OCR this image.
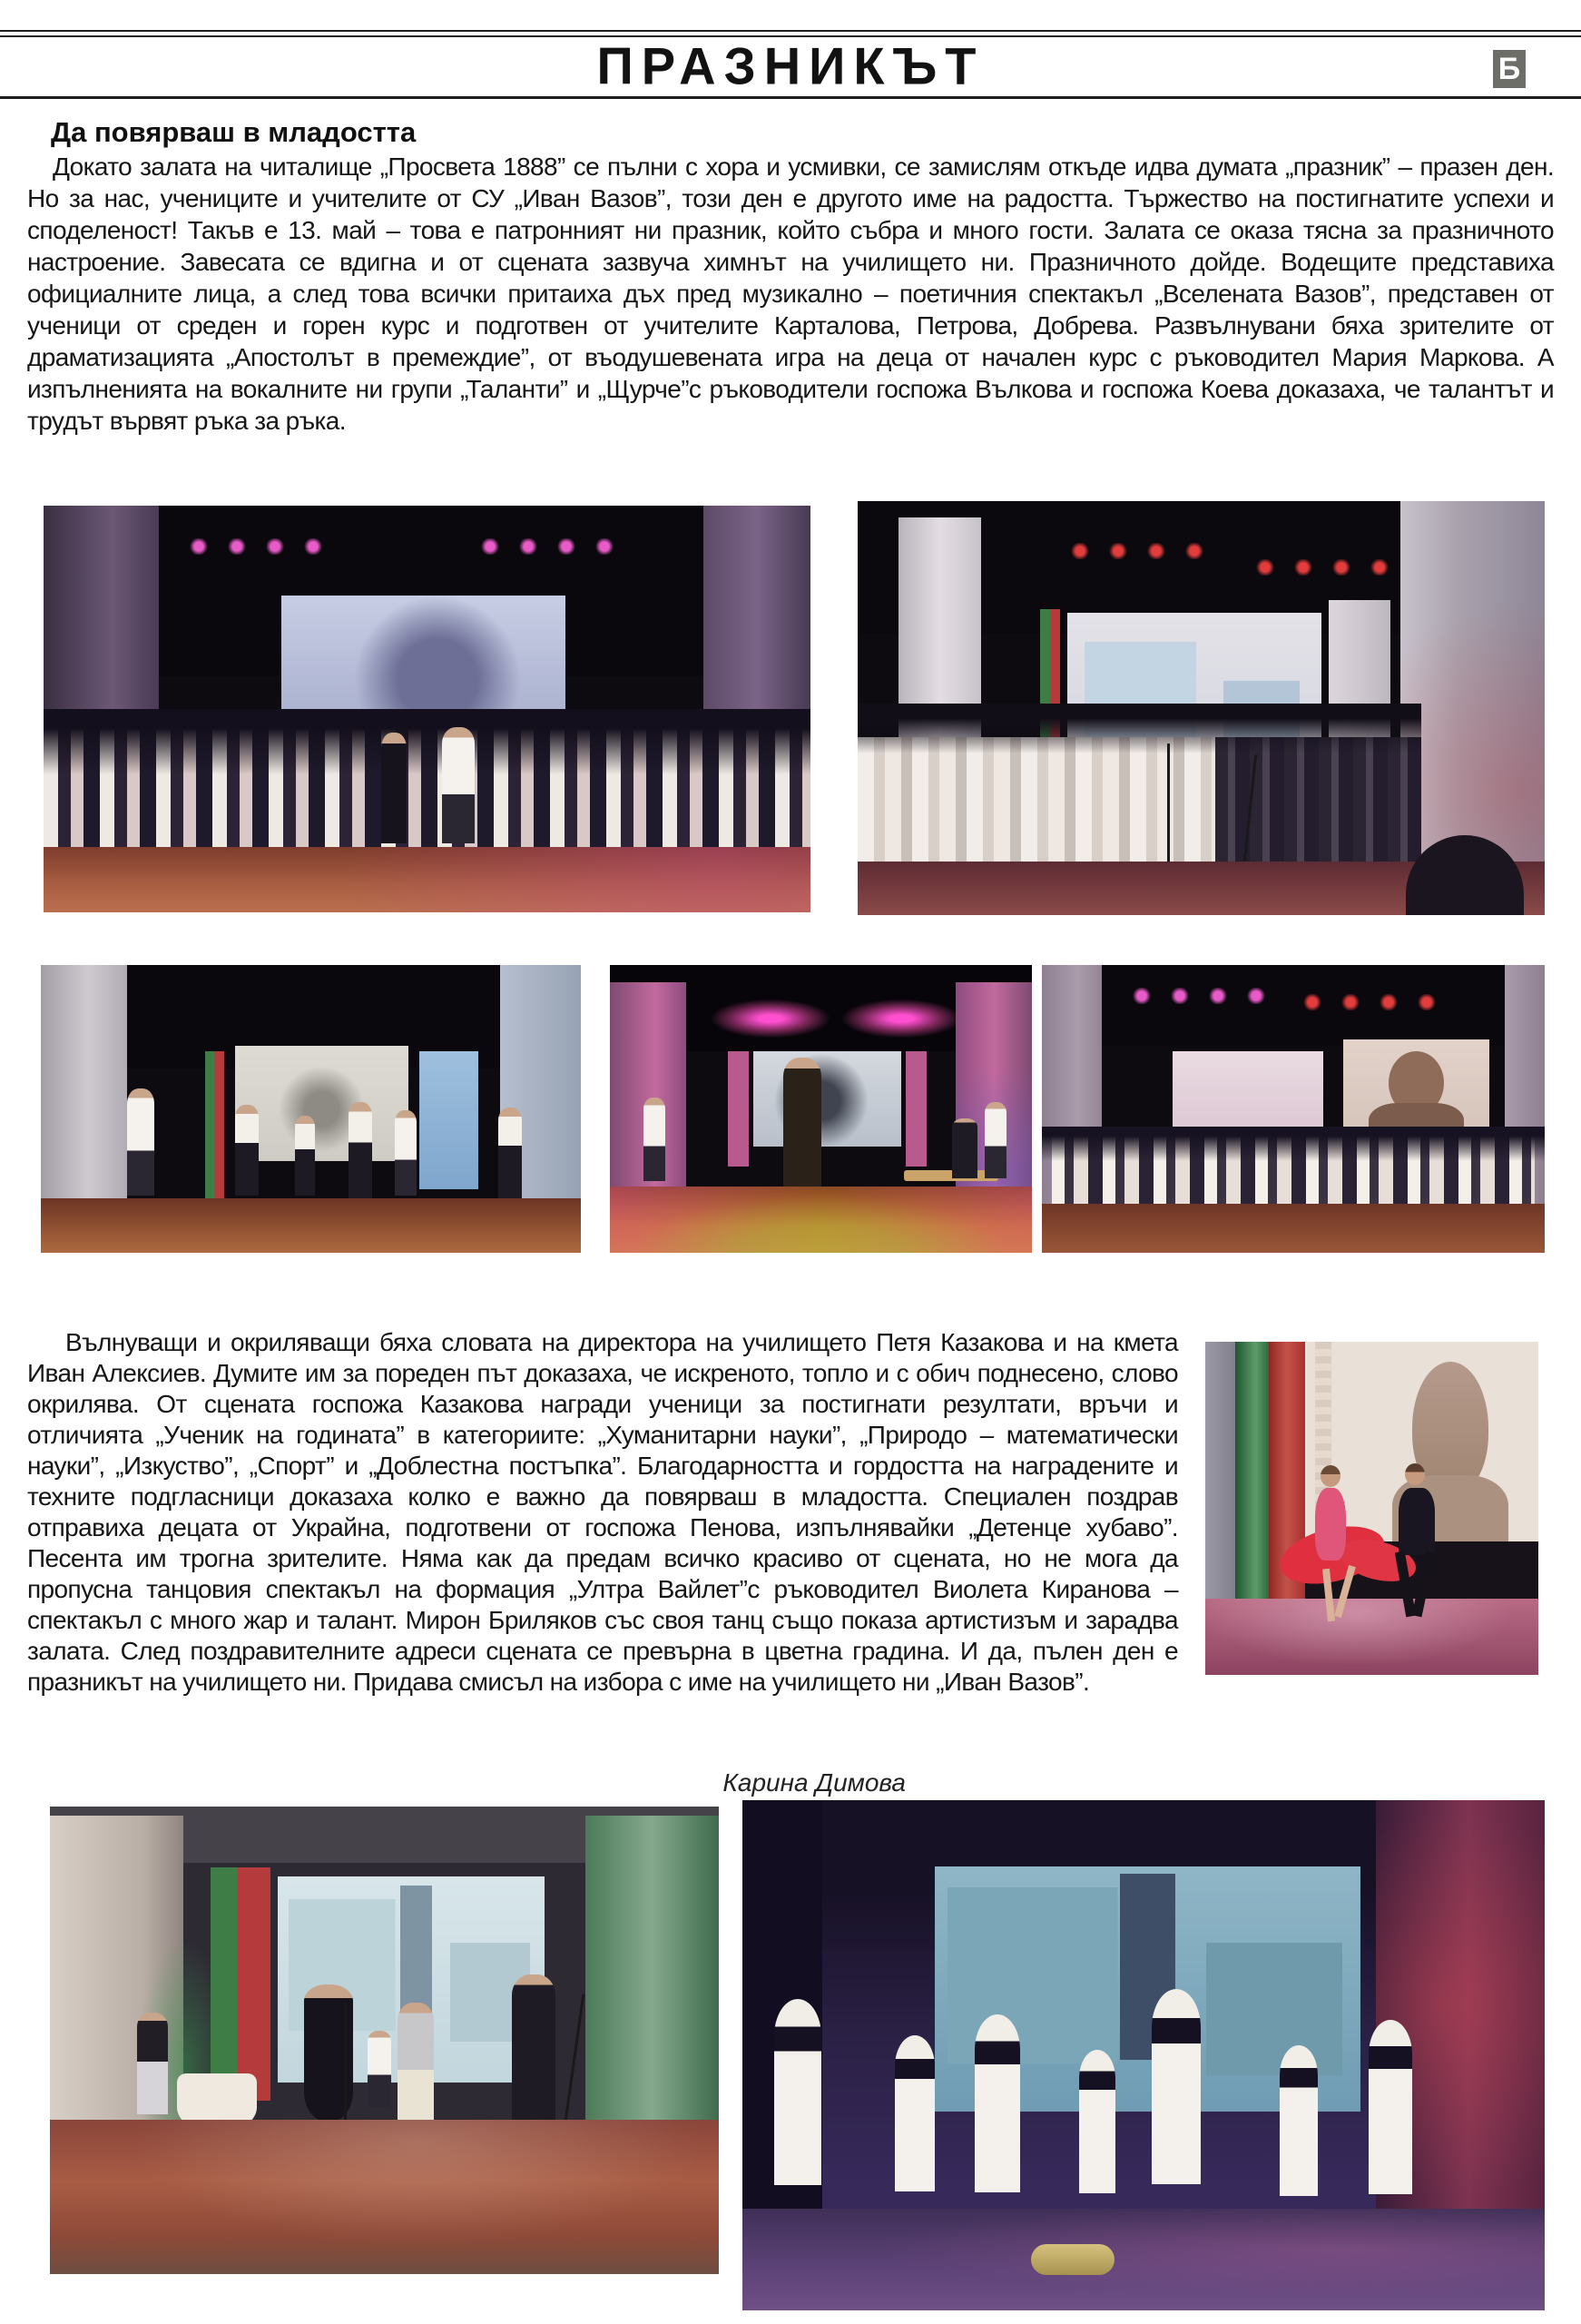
ПРАЗНИКЪТ	Б
Да повярваш в младостта
Докато залата на читалище „Просвета 1888” се пълни с хора и усмивки, се замислям откъде идва думата „празник” – празен ден. Но за нас, учениците и учителите от СУ „Иван Вазов”, този ден е другото име на радостта. Тържество на постигнатите успехи и споделеност! Такъв е 13. май – това е патронният ни празник, който събра и много гости. Залата се оказа тясна за празничното настроение. Завесата се вдигна и от сцената зазвуча химнът на училището ни. Празничното дойде. Водещите представиха официалните лица, а след това всички притаиха дъх пред музикално – поетичния спектакъл „Вселената Вазов”, представен от ученици от среден и горен курс и подготвен от учителите Карталова, Петрова, Добрева. Развълнувани бяха зрителите от драматизацията „Апостолът в премеждие”, от въодушевената игра на деца от начален курс с ръководител Мария Маркова. А изпълненията на вокалните ни групи „Таланти” и „Щурче”с ръководители госпожа Вълкова и госпожа Коева доказаха, че талантът и трудът вървят ръка за ръка.
Вълнуващи и окриляващи бяха словата на директора на училището Петя Казакова и на кмета Иван Алексиев. Думите им за пореден път доказаха, че искреното, топло и с обич поднесено, слово окрилява. От сцената госпожа Казакова награди ученици за постигнати резултати, връчи и отличията „Ученик на годината” в категориите: „Хуманитарни науки”, „Природо – математически науки”, „Изкуство”, „Спорт” и „Доблестна постъпка”. Благодарността и гордостта на наградените и техните подгласници доказаха колко е важно да повярваш в младостта. Специален поздрав отправиха децата от Украйна, подготвени от госпожа Пенова, изпълнявайки „Детенце хубаво”. Песента им трогна зрителите. Няма как да предам всичко красиво от сцената, но не мога да пропусна танцовия спектакъл на формация „Ултра Вайлет”с ръководител Виолета Киранова – спектакъл с много жар и талант. Мирон Бриляков със своя танц също показа артистизъм и зарадва залата. След поздравителните адреси сцената се превърна в цветна градина. И да, пълен ден е празникът на училището ни. Придава смисъл на избора с име на училището ни „Иван Вазов”.
Карина Димова
